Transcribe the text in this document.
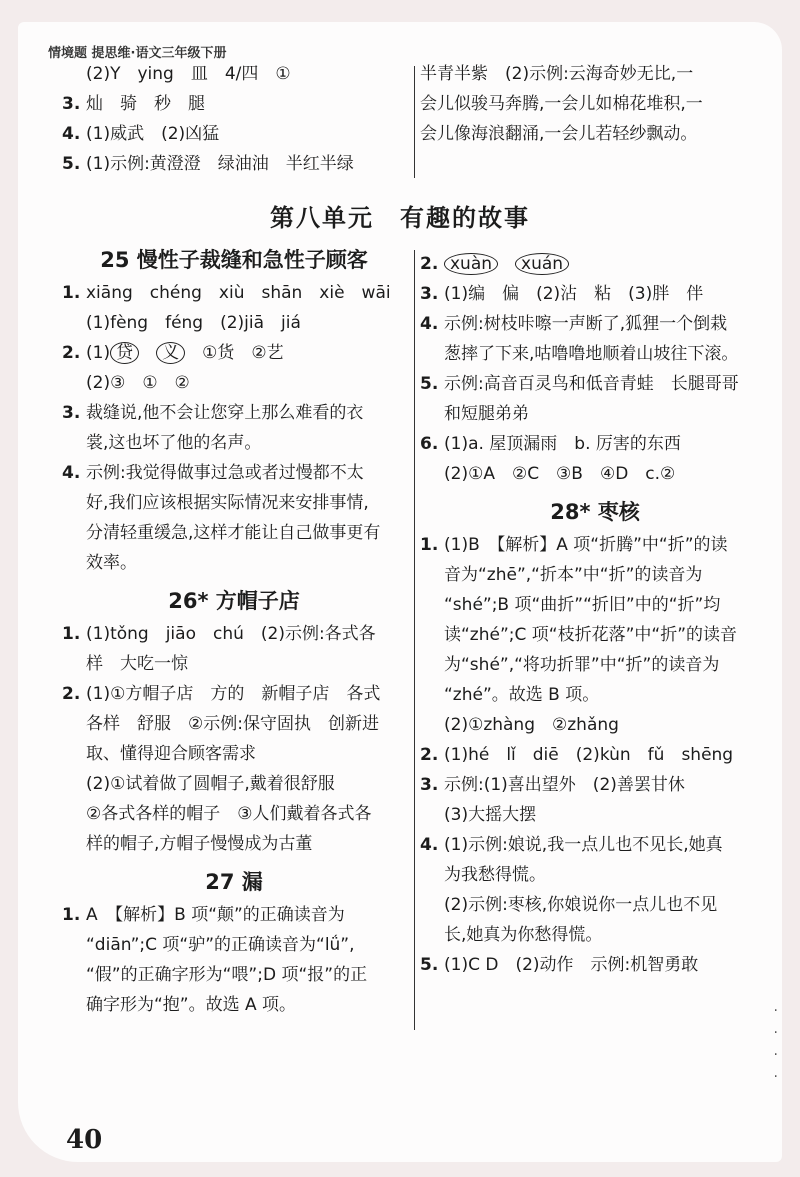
情境题 提思维·语文三年级下册
(2)Y　ying　皿　4/四　①
3. 灿　骑　秒　腿
4. (1)威武　(2)凶猛
5. (1)示例:黄澄澄　绿油油　半红半绿
半青半紫　(2)示例:云海奇妙无比,一
会儿似骏马奔腾,一会儿如棉花堆积,一
会儿像海浪翻涌,一会儿若轻纱飘动。
第八单元　有趣的故事
25 慢性子裁缝和急性子顾客
1. xiāng　chéng　xiù　shān　xiè　wāi
(1)fèng　féng　(2)jiā　jiá
2. (1) 贷　 义　 ①货　②艺
(2)③　①　②
3. 裁缝说,他不会让您穿上那么难看的衣
裳,这也坏了他的名声。
4. 示例:我觉得做事过急或者过慢都不太
好,我们应该根据实际情况来安排事情,
分清轻重缓急,这样才能让自己做事更有
效率。
26* 方帽子店
1. (1)tǒng　jiāo　chú　(2)示例:各式各
样　大吃一惊
2. (1)①方帽子店　方的　新帽子店　各式
各样　舒服　②示例:保守固执　创新进
取、懂得迎合顾客需求
(2)①试着做了圆帽子,戴着很舒服
②各式各样的帽子　③人们戴着各式各
样的帽子,方帽子慢慢成为古董
27 漏
1. A　【解析】B 项“颠”的正确读音为
“diān”;C 项“驴”的正确读音为“lǘ”,
“假”的正确字形为“喂”;D 项“报”的正
确字形为“抱”。故选 A 项。
2. xuàn　 xuán
3. (1)编　偏　(2)沾　粘　(3)胖　伴
4. 示例:树枝咔嚓一声断了,狐狸一个倒栽
葱摔了下来,咕噜噜地顺着山坡往下滚。
5. 示例:高音百灵鸟和低音青蛙　长腿哥哥
和短腿弟弟
6. (1)a. 屋顶漏雨　b. 厉害的东西
(2)①A　②C　③B　④D　c.②
28* 枣核
1. (1)B　【解析】A 项“折腾”中“折”的读
音为“zhē”,“折本”中“折”的读音为
“shé”;B 项“曲折”“折旧”中的“折”均
读“zhé”;C 项“枝折花落”中“折”的读音
为“shé”,“将功折罪”中“折”的读音为
“zhé”。故选 B 项。
(2)①zhàng　②zhǎng
2. (1)hé　lǐ　diē　(2)kùn　fǔ　shēng
3. 示例:(1)喜出望外　(2)善罢甘休
(3)大摇大摆
4. (1)示例:娘说,我一点儿也不见长,她真
为我愁得慌。
(2)示例:枣核,你娘说你一点儿也不见
长,她真为你愁得慌。
5. (1)C D　(2)动作　示例:机智勇敢
·
·
·
·
40
